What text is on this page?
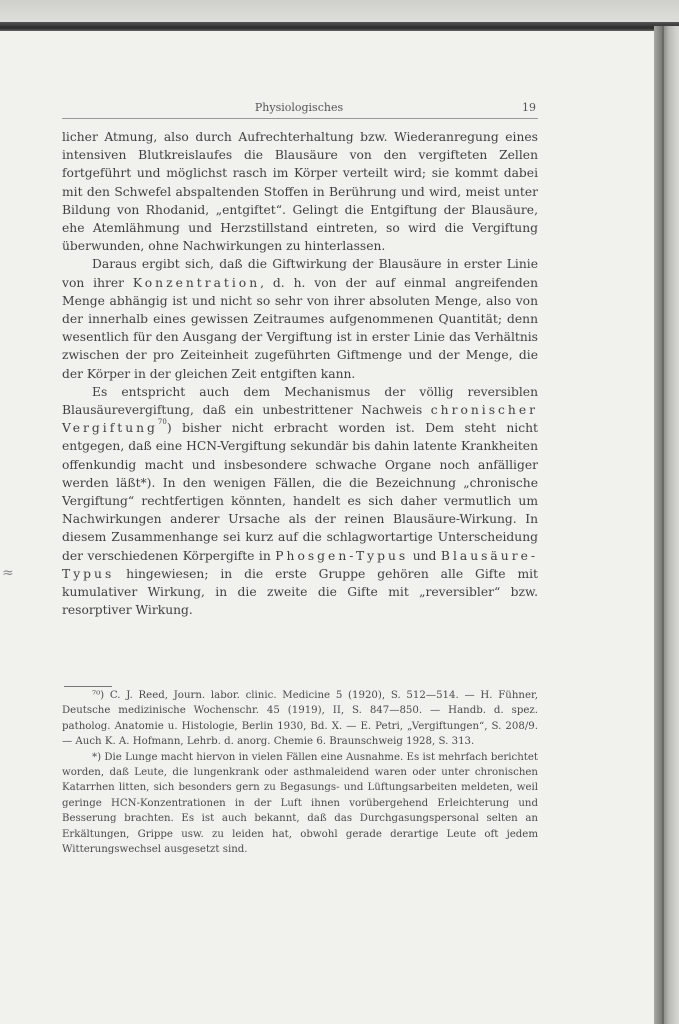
≈
Physiologisches	19

licher Atmung, also durch Aufrechterhaltung bzw. Wiederanregung eines intensiven Blutkreislaufes die Blausäure von den vergifteten Zellen fortgeführt und möglichst rasch im Körper verteilt wird; sie kommt dabei mit den Schwefel abspaltenden Stoffen in Berührung und wird, meist unter Bildung von Rhodanid, „entgiftet“. Gelingt die Entgiftung der Blausäure, ehe Atemlähmung und Herzstillstand eintreten, so wird die Vergiftung überwunden, ohne Nachwirkungen zu hinterlassen.

Daraus ergibt sich, daß die Giftwirkung der Blausäure in erster Linie von ihrer Konzentration, d. h. von der auf einmal angreifenden Menge abhängig ist und nicht so sehr von ihrer absoluten Menge, also von der innerhalb eines gewissen Zeitraumes aufgenommenen Quantität; denn wesentlich für den Ausgang der Vergiftung ist in erster Linie das Verhältnis zwischen der pro Zeiteinheit zugeführten Giftmenge und der Menge, die der Körper in der gleichen Zeit entgiften kann.

Es entspricht auch dem Mechanismus der völlig reversiblen Blausäurevergiftung, daß ein unbestrittener Nachweis chronischer Vergiftung$^{70}$) bisher nicht erbracht worden ist. Dem steht nicht entgegen, daß eine HCN-Vergiftung sekundär bis dahin latente Krankheiten offenkundig macht und insbesondere schwache Organe noch anfälliger werden läßt*). In den wenigen Fällen, die die Bezeichnung „chronische Vergiftung“ rechtfertigen könnten, handelt es sich daher vermutlich um Nachwirkungen anderer Ursache als der reinen Blausäure-Wirkung. In diesem Zusammenhange sei kurz auf die schlagwortartige Unterscheidung der verschiedenen Körpergifte in Phosgen-Typus und Blausäure-Typus hingewiesen; in die erste Gruppe gehören alle Gifte mit kumulativer Wirkung, in die zweite die Gifte mit „reversibler“ bzw. resorptiver Wirkung.

⁷⁰) C. J. Reed, Journ. labor. clinic. Medicine 5 (1920), S. 512—514. — H. Fühner, Deutsche medizinische Wochenschr. 45 (1919), II, S. 847—850. — Handb. d. spez. patholog. Anatomie u. Histologie, Berlin 1930, Bd. X. — E. Petri, „Vergiftungen“, S. 208/9. — Auch K. A. Hofmann, Lehrb. d. anorg. Chemie 6. Braunschweig 1928, S. 313.

*) Die Lunge macht hiervon in vielen Fällen eine Ausnahme. Es ist mehrfach berichtet worden, daß Leute, die lungenkrank oder asthmaleidend waren oder unter chronischen Katarrhen litten, sich besonders gern zu Begasungs- und Lüftungsarbeiten meldeten, weil geringe HCN-Konzentrationen in der Luft ihnen vorübergehend Erleichterung und Besserung brachten. Es ist auch bekannt, daß das Durchgasungspersonal selten an Erkältungen, Grippe usw. zu leiden hat, obwohl gerade derartige Leute oft jedem Witterungswechsel ausgesetzt sind.
